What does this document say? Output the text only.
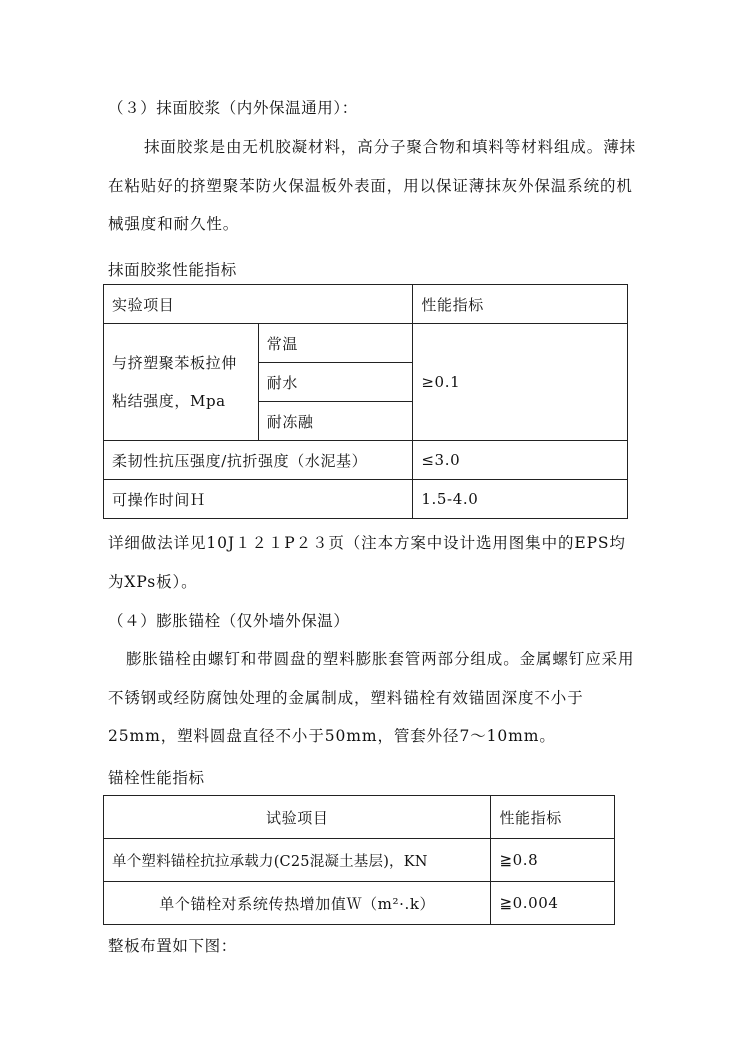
（３）抹面胶浆（内外保温通用）：
抹面胶浆是由无机胶凝材料，高分子聚合物和填料等材料组成。薄抹在粘贴好的挤塑聚苯防火保温板外表面，用以保证薄抹灰外保温系统的机械强度和耐久性。
抹面胶浆性能指标
实验项目		性能指标
与挤塑聚苯板拉伸粘结强度，Mpa	常温	≥0.1
	耐水	
	耐冻融	
柔韧性抗压强度/抗折强度（水泥基）		≤3.0
可操作时间Ｈ		1.5-4.0
详细做法详见10J１２１P２３页（注本方案中设计选用图集中的EPS均为XPs板）。
（４）膨胀锚栓（仅外墙外保温）
膨胀锚栓由螺钉和带圆盘的塑料膨胀套管两部分组成。金属螺钉应采用不锈钢或经防腐蚀处理的金属制成，塑料锚栓有效锚固深度不小于25mm，塑料圆盘直径不小于50mm，管套外径7～10mm。
锚栓性能指标
试验项目	性能指标
单个塑料锚栓抗拉承载力(C25混凝土基层)，KN	≧0.8
单个锚栓对系统传热增加值Ｗ（m²·.k）	≧0.004
整板布置如下图：
